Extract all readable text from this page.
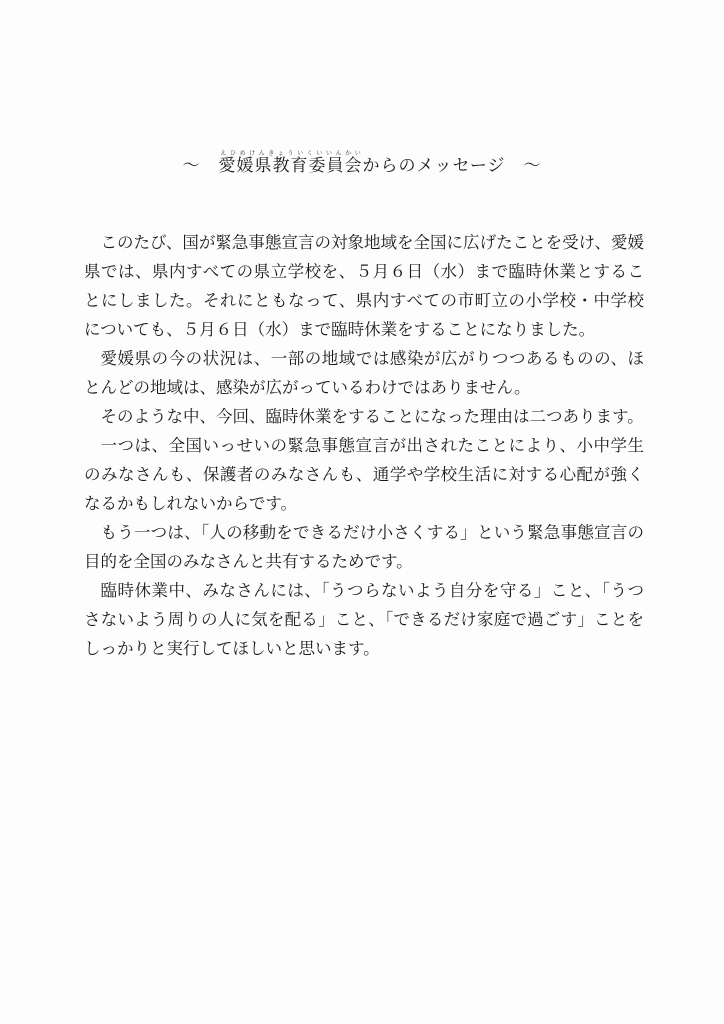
～　愛媛県教育委員会えひめけんきょういくいいんかいからのメッセージ　～

このたび、国が緊急事態宣言の対象地域を全国に広げたことを受け、愛媛県では、県内すべての県立学校を、５月６日（水）まで臨時休業とすることにしました。それにともなって、県内すべての市町立の小学校・中学校についても、５月６日（水）まで臨時休業をすることになりました。

愛媛県の今の状況は、一部の地域では感染が広がりつつあるものの、ほとんどの地域は、感染が広がっているわけではありません。

そのような中、今回、臨時休業をすることになった理由は二つあります。

一つは、全国いっせいの緊急事態宣言が出されたことにより、小中学生のみなさんも、保護者のみなさんも、通学や学校生活に対する心配が強くなるかもしれないからです。

もう一つは、「人の移動をできるだけ小さくする」という緊急事態宣言の目的を全国のみなさんと共有するためです。

臨時休業中、みなさんには、「うつらないよう自分を守る」こと、「うつさないよう周りの人に気を配る」こと、「できるだけ家庭で過ごす」ことをしっかりと実行してほしいと思います。
